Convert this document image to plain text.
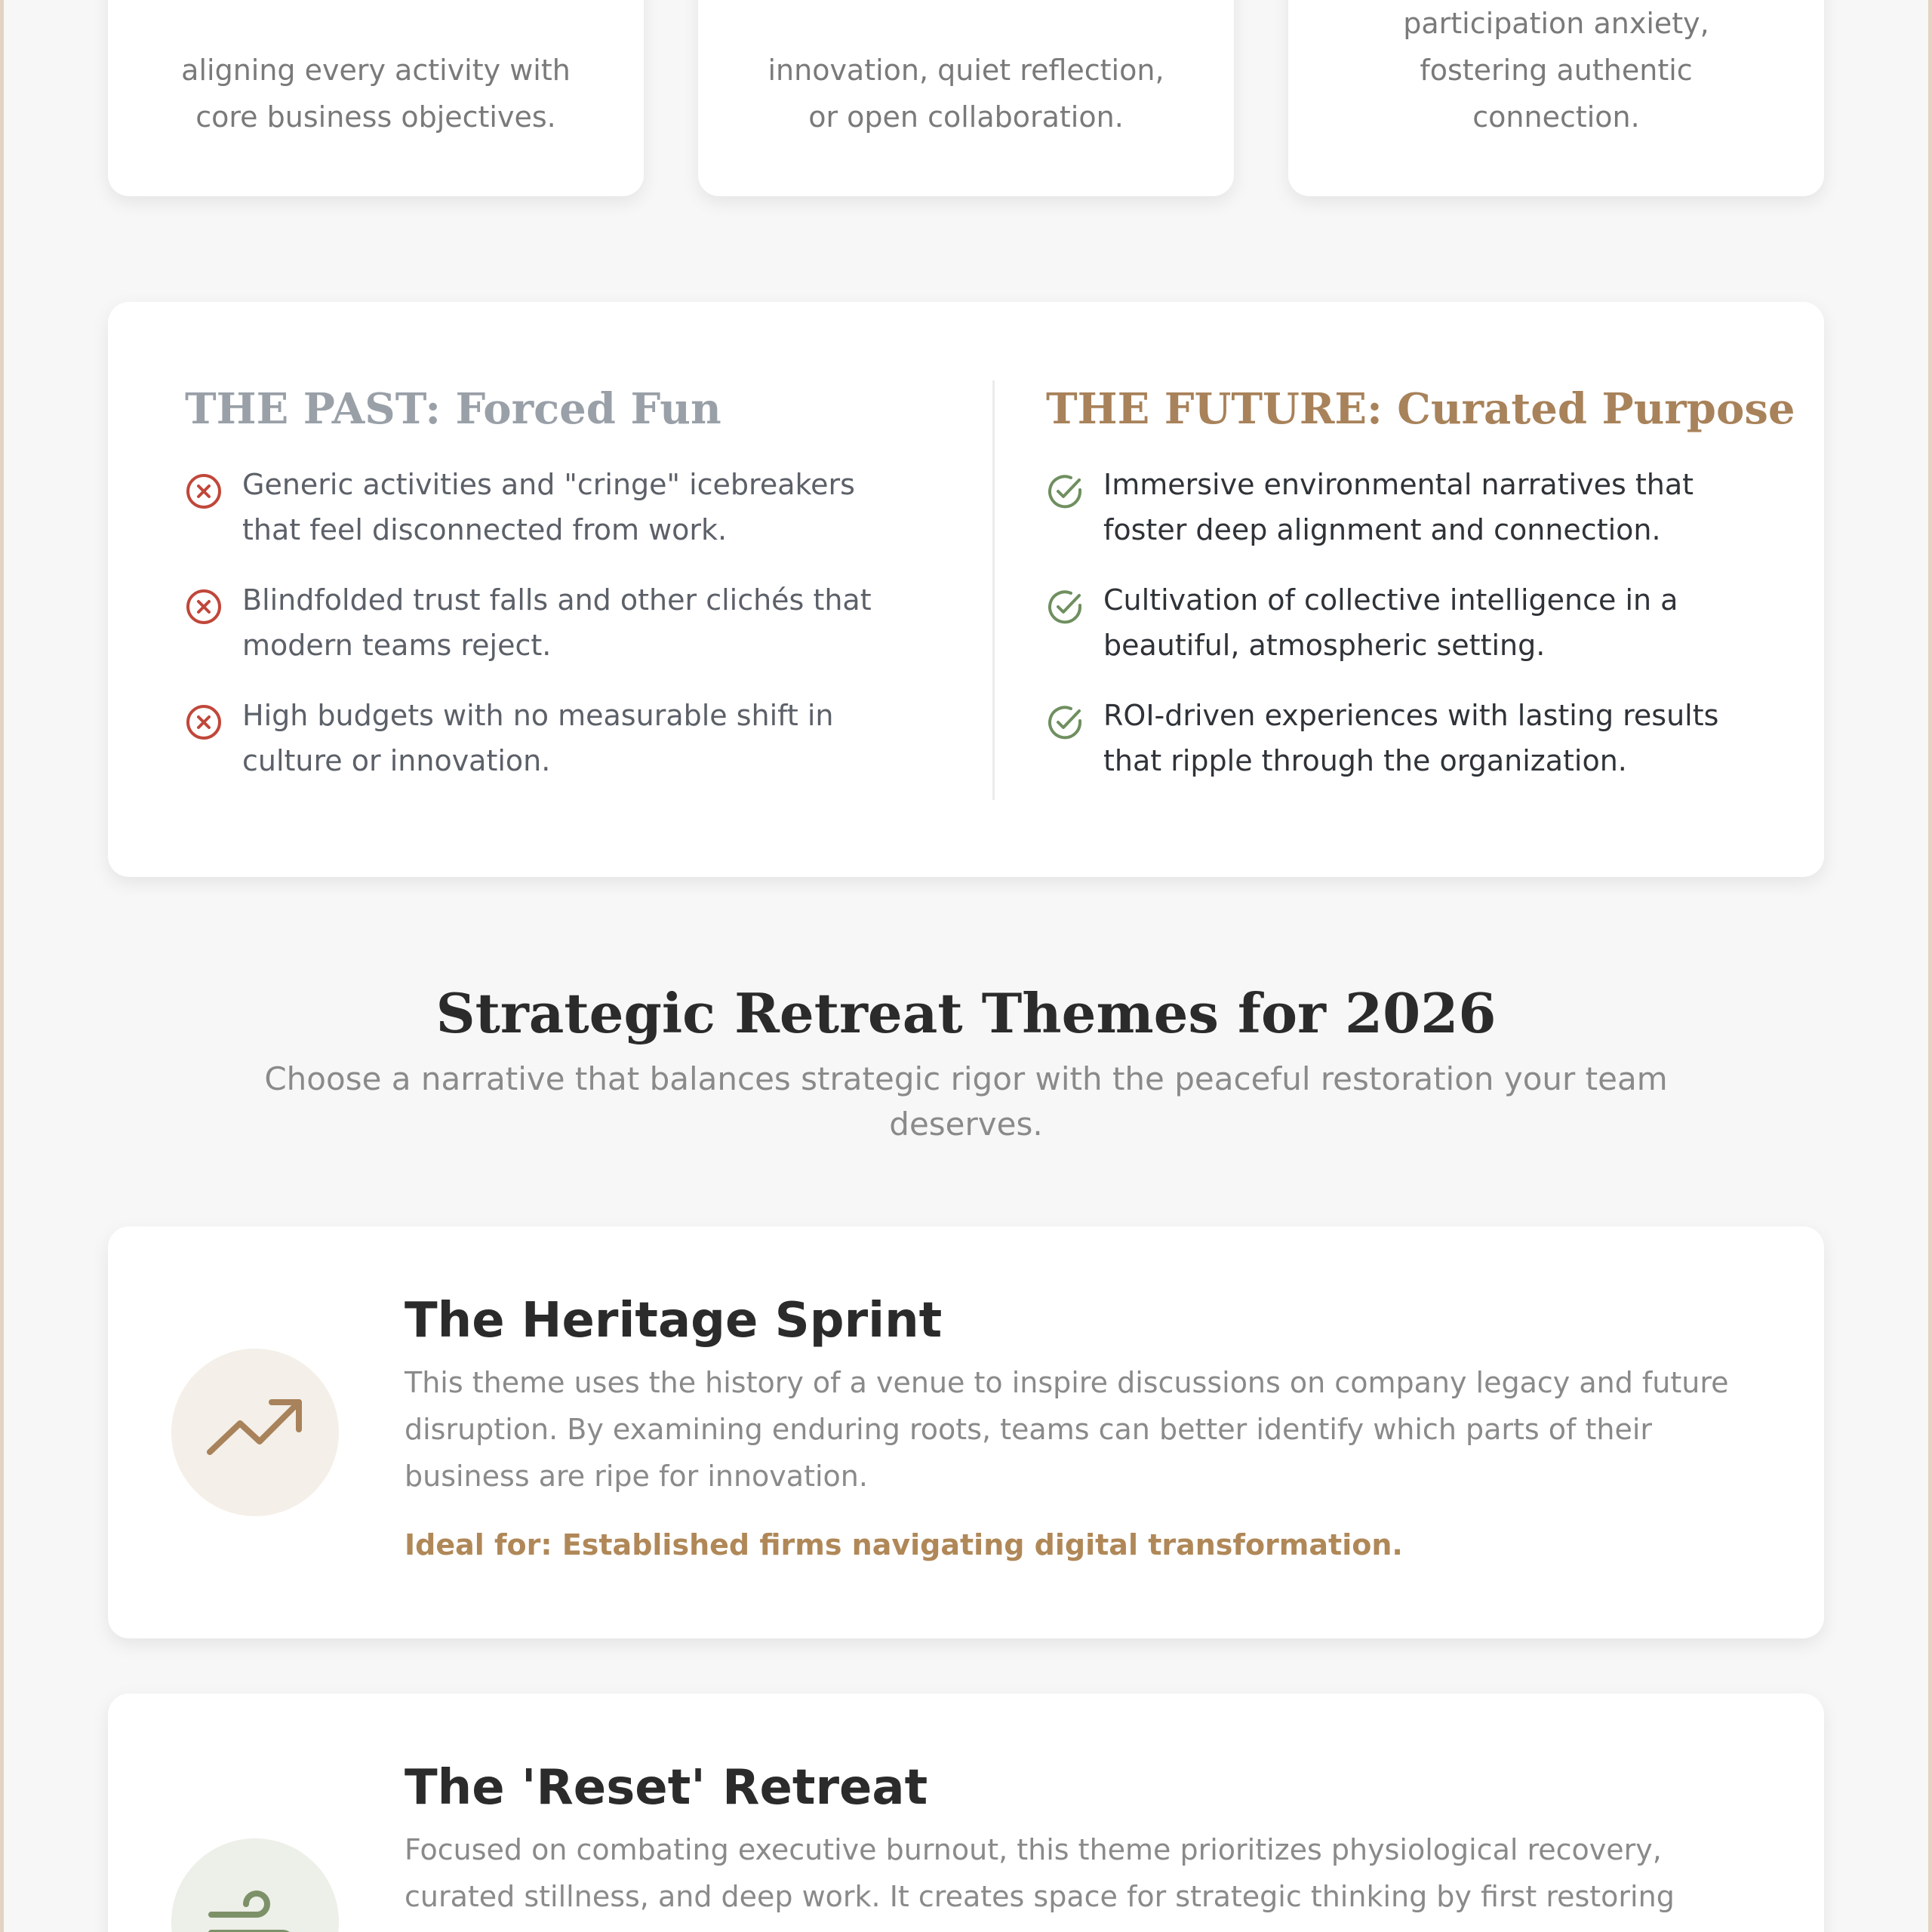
aligning every activity with
core business objectives.
innovation, quiet reflection,
or open collaboration.
participation anxiety,
fostering authentic
connection.
THE PAST: Forced Fun
Generic activities and "cringe" icebreakers that feel disconnected from work.
Blindfolded trust falls and other clichés that modern teams reject.
High budgets with no measurable shift in culture or innovation.
THE FUTURE: Curated Purpose
Immersive environmental narratives that foster deep alignment and connection.
Cultivation of collective intelligence in a beautiful, atmospheric setting.
ROI-driven experiences with lasting results that ripple through the organization.
Strategic Retreat Themes for 2026

Choose a narrative that balances strategic rigor with the peaceful restoration your team deserves.

The Heritage Sprint

This theme uses the history of a venue to inspire discussions on company legacy and future disruption. By examining enduring roots, teams can better identify which parts of their business are ripe for innovation.

Ideal for: Established firms navigating digital transformation.

The 'Reset' Retreat

Focused on combating executive burnout, this theme prioritizes physiological recovery, curated stillness, and deep work. It creates space for strategic thinking by first restoring
